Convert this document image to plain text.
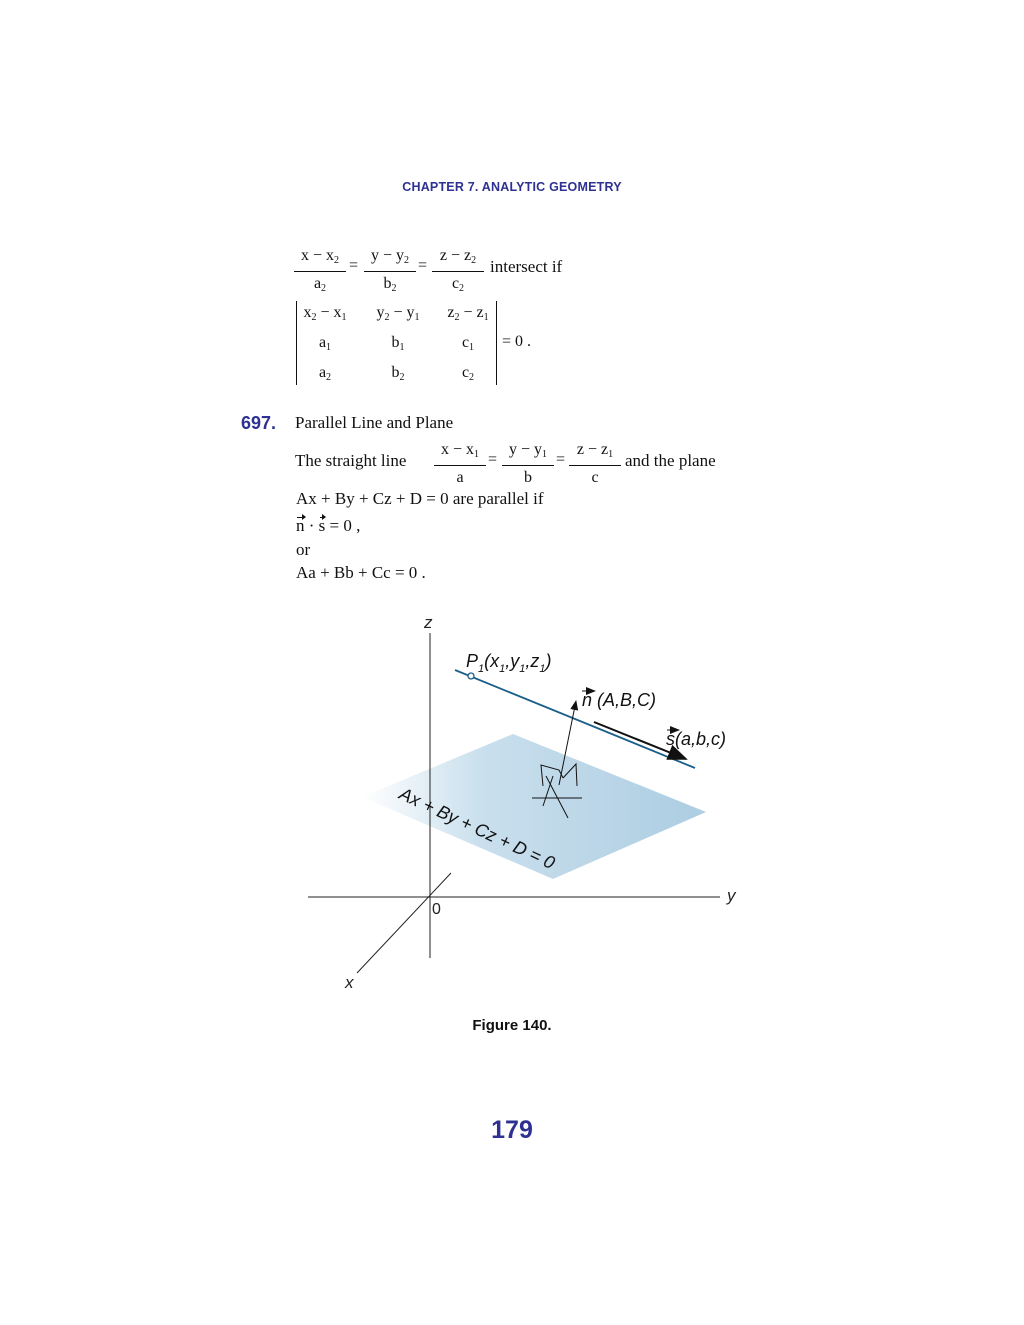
CHAPTER 7. ANALYTIC GEOMETRY
$\frac{x - x_2}{a_2} = \frac{y - y_2}{b_2} = \frac{z - z_2}{c_2}$ intersect if
$x_2 - x_1$	$y_2 - y_1$	$z_2 - z_1$
$a_1$	$b_1$	$c_1$
$a_2$	$b_2$	$c_2$
= 0 .
697. Parallel Line and Plane
The straight line $\frac{x - x_1}{a} = \frac{y - y_1}{b} = \frac{z - z_1}{c}$ and the plane
Ax + By + Cz + D = 0 are parallel if
n · s = 0 ,
or
Aa + Bb + Cc = 0 .
z
y
x
0
$P_1(x_1,y_1,z_1)$
n (A,B,C)
s(a,b,c)
Ax + By + Cz + D = 0
Figure 140.
179
